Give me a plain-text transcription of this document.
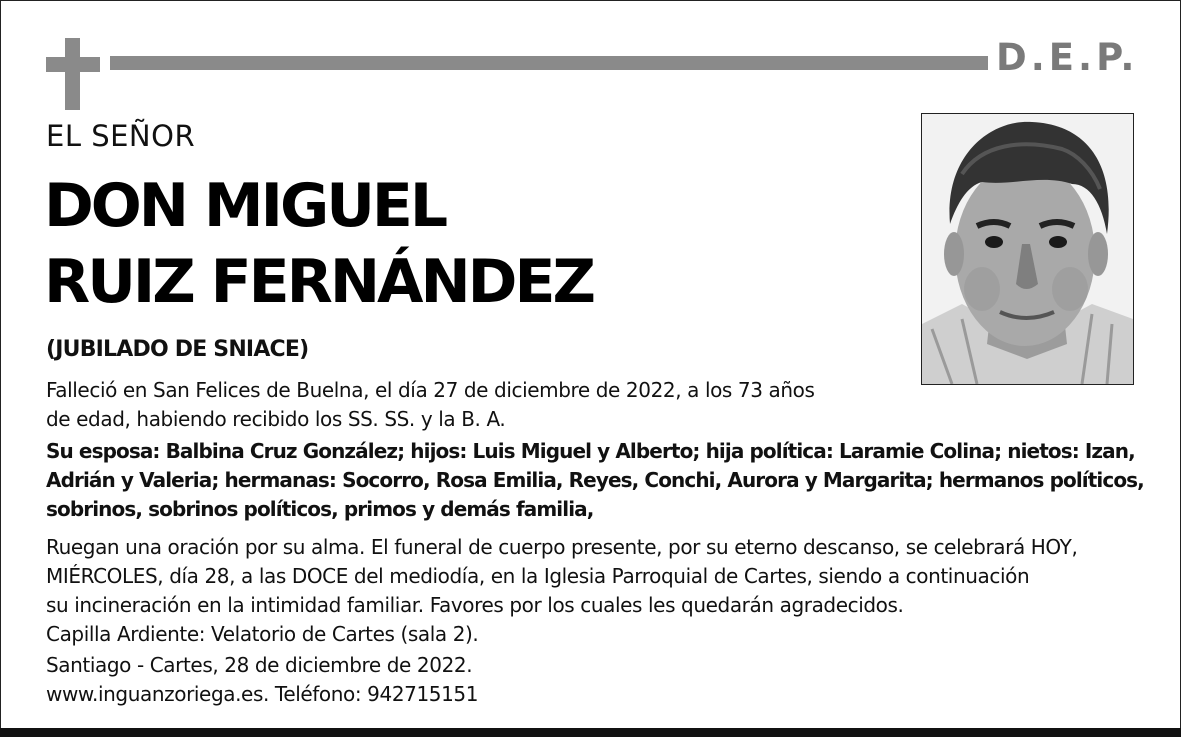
D.E.P.
EL SEÑOR
DON MIGUEL
RUIZ FERNÁNDEZ
(JUBILADO DE SNIACE)
Falleció en San Felices de Buelna, el día 27 de diciembre de 2022, a los 73 años
de edad, habiendo recibido los SS. SS. y la B. A.
Su esposa: Balbina Cruz González; hijos: Luis Miguel y Alberto; hija política: Laramie Colina; nietos: Izan,
Adrián y Valeria; hermanas: Socorro, Rosa Emilia, Reyes, Conchi, Aurora y Margarita; hermanos políticos,
sobrinos, sobrinos políticos, primos y demás familia,
Ruegan una oración por su alma. El funeral de cuerpo presente, por su eterno descanso, se celebrará HOY,
MIÉRCOLES, día 28, a las DOCE del mediodía, en la Iglesia Parroquial de Cartes, siendo a continuación
su incineración en la intimidad familiar. Favores por los cuales les quedarán agradecidos.
Capilla Ardiente: Velatorio de Cartes (sala 2).
Santiago - Cartes, 28 de diciembre de 2022.
www.inguanzoriega.es. Teléfono: 942715151
